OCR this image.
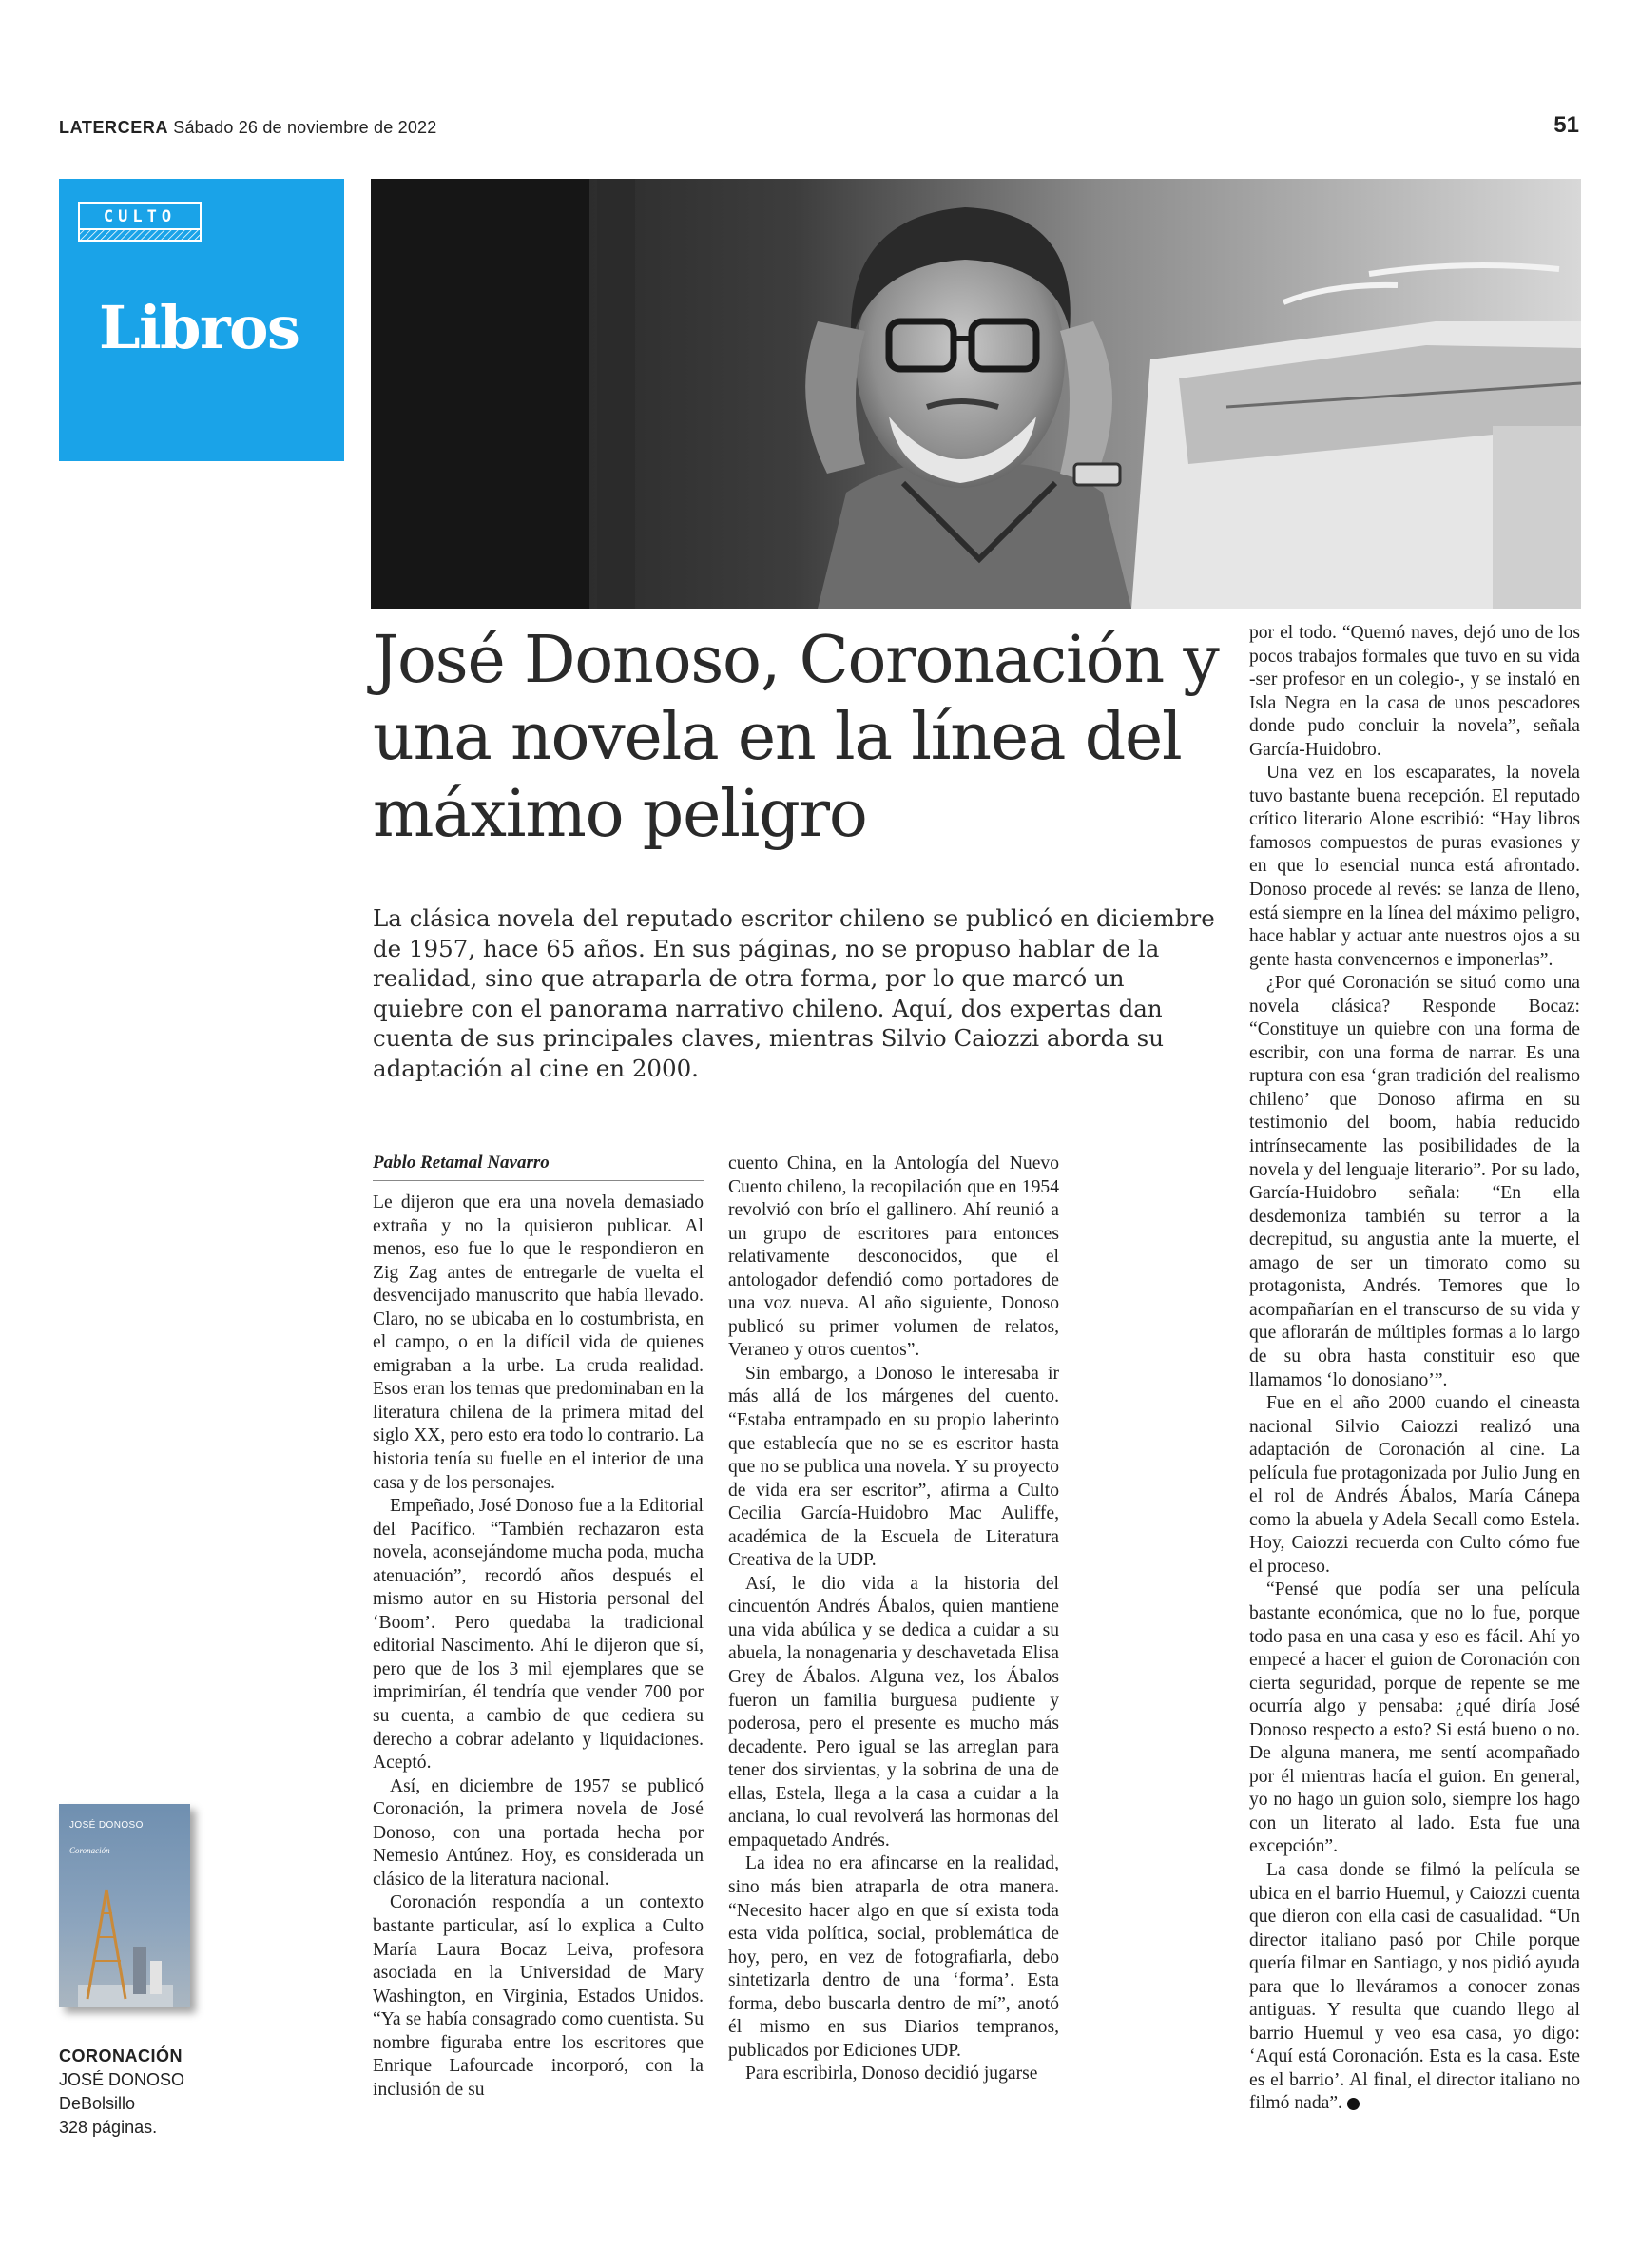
LATERCERA Sábado 26 de noviembre de 2022	51
CULTO
Libros
José Donoso, Coronación y una novela en la línea del máximo peligro
La clásica novela del reputado escritor chileno se publicó en diciembre de 1957, hace 65 años. En sus páginas, no se propuso hablar de la realidad, sino que atraparla de otra forma, por lo que marcó un quiebre con el panorama narrativo chileno. Aquí, dos expertas dan cuenta de sus principales claves, mientras Silvio Caiozzi aborda su adaptación al cine en 2000.
Pablo Retamal Navarro

Le dijeron que era una novela demasiado extraña y no la quisieron publicar. Al menos, eso fue lo que le respondieron en Zig Zag antes de entregarle de vuelta el desvencijado manuscrito que había llevado. Claro, no se ubicaba en lo costumbrista, en el campo, o en la difícil vida de quienes emigraban a la urbe. La cruda realidad. Esos eran los temas que predominaban en la literatura chilena de la primera mitad del siglo XX, pero esto era todo lo contrario. La historia tenía su fuelle en el interior de una casa y de los personajes.

Empeñado, José Donoso fue a la Editorial del Pacífico. “También rechazaron esta novela, aconsejándome mucha poda, mucha atenuación”, recordó años después el mismo autor en su Historia personal del ‘Boom’. Pero quedaba la tradicional editorial Nascimento. Ahí le dijeron que sí, pero que de los 3 mil ejemplares que se imprimirían, él tendría que vender 700 por su cuenta, a cambio de que cediera su derecho a cobrar adelanto y liquidaciones. Aceptó.

Así, en diciembre de 1957 se publicó Coronación, la primera novela de José Donoso, con una portada hecha por Nemesio Antúnez. Hoy, es considerada un clásico de la literatura nacional.

Coronación respondía a un contexto bastante particular, así lo explica a Culto María Laura Bocaz Leiva, profesora asociada en la Universidad de Mary Washington, en Virginia, Estados Unidos. “Ya se había consagrado como cuentista. Su nombre figuraba entre los escritores que Enrique Lafourcade incorporó, con la inclusión de su

cuento China, en la Antología del Nuevo Cuento chileno, la recopilación que en 1954 revolvió con brío el gallinero. Ahí reunió a un grupo de escritores para entonces relativamente desconocidos, que el antologador defendió como portadores de una voz nueva. Al año siguiente, Donoso publicó su primer volumen de relatos, Veraneo y otros cuentos”.

Sin embargo, a Donoso le interesaba ir más allá de los márgenes del cuento. “Estaba entrampado en su propio laberinto que establecía que no se es escritor hasta que no se publica una novela. Y su proyecto de vida era ser escritor”, afirma a Culto Cecilia García-Huidobro Mac Auliffe, académica de la Escuela de Literatura Creativa de la UDP.

Así, le dio vida a la historia del cincuentón Andrés Ábalos, quien mantiene una vida abúlica y se dedica a cuidar a su abuela, la nonagenaria y deschavetada Elisa Grey de Ábalos. Alguna vez, los Ábalos fueron un familia burguesa pudiente y poderosa, pero el presente es mucho más decadente. Pero igual se las arreglan para tener dos sirvientas, y la sobrina de una de ellas, Estela, llega a la casa a cuidar a la anciana, lo cual revolverá las hormonas del empaquetado Andrés.

La idea no era afincarse en la realidad, sino más bien atraparla de otra manera. “Necesito hacer algo en que sí exista toda esta vida política, social, problemática de hoy, pero, en vez de fotografiarla, debo sintetizarla dentro de una ‘forma’. Esta forma, debo buscarla dentro de mí”, anotó él mismo en sus Diarios tempranos, publicados por Ediciones UDP.

Para escribirla, Donoso decidió jugarse

por el todo. “Quemó naves, dejó uno de los pocos trabajos formales que tuvo en su vida -ser profesor en un colegio-, y se instaló en Isla Negra en la casa de unos pescadores donde pudo concluir la novela”, señala García-Huidobro.

Una vez en los escaparates, la novela tuvo bastante buena recepción. El reputado crítico literario Alone escribió: “Hay libros famosos compuestos de puras evasiones y en que lo esencial nunca está afrontado. Donoso procede al revés: se lanza de lleno, está siempre en la línea del máximo peligro, hace hablar y actuar ante nuestros ojos a su gente hasta convencernos e imponerlas”.

¿Por qué Coronación se situó como una novela clásica? Responde Bocaz: “Constituye un quiebre con una forma de escribir, con una forma de narrar. Es una ruptura con esa ‘gran tradición del realismo chileno’ que Donoso afirma en su testimonio del boom, había reducido intrínsecamente las posibilidades de la novela y del lenguaje literario”. Por su lado, García-Huidobro señala: “En ella desdemoniza también su terror a la decrepitud, su angustia ante la muerte, el amago de ser un timorato como su protagonista, Andrés. Temores que lo acompañarían en el transcurso de su vida y que aflorarán de múltiples formas a lo largo de su obra hasta constituir eso que llamamos ‘lo donosiano’”.

Fue en el año 2000 cuando el cineasta nacional Silvio Caiozzi realizó una adaptación de Coronación al cine. La película fue protagonizada por Julio Jung en el rol de Andrés Ábalos, María Cánepa como la abuela y Adela Secall como Estela. Hoy, Caiozzi recuerda con Culto cómo fue el proceso.

“Pensé que podía ser una película bastante económica, que no lo fue, porque todo pasa en una casa y eso es fácil. Ahí yo empecé a hacer el guion de Coronación con cierta seguridad, porque de repente se me ocurría algo y pensaba: ¿qué diría José Donoso respecto a esto? Si está bueno o no. De alguna manera, me sentí acompañado por él mientras hacía el guion. En general, yo no hago un guion solo, siempre los hago con un literato al lado. Esta fue una excepción”.

La casa donde se filmó la película se ubica en el barrio Huemul, y Caiozzi cuenta que dieron con ella casi de casualidad. “Un director italiano pasó por Chile porque quería filmar en Santiago, y nos pidió ayuda para que lo lleváramos a conocer zonas antiguas. Y resulta que cuando llego al barrio Huemul y veo esa casa, yo digo: ‘Aquí está Coronación. Esta es la casa. Este es el barrio’. Al final, el director italiano no filmó nada”.

JOSÉ DONOSO
Coronación
CORONACIÓN
JOSÉ DONOSO
DeBolsillo
328 páginas.
